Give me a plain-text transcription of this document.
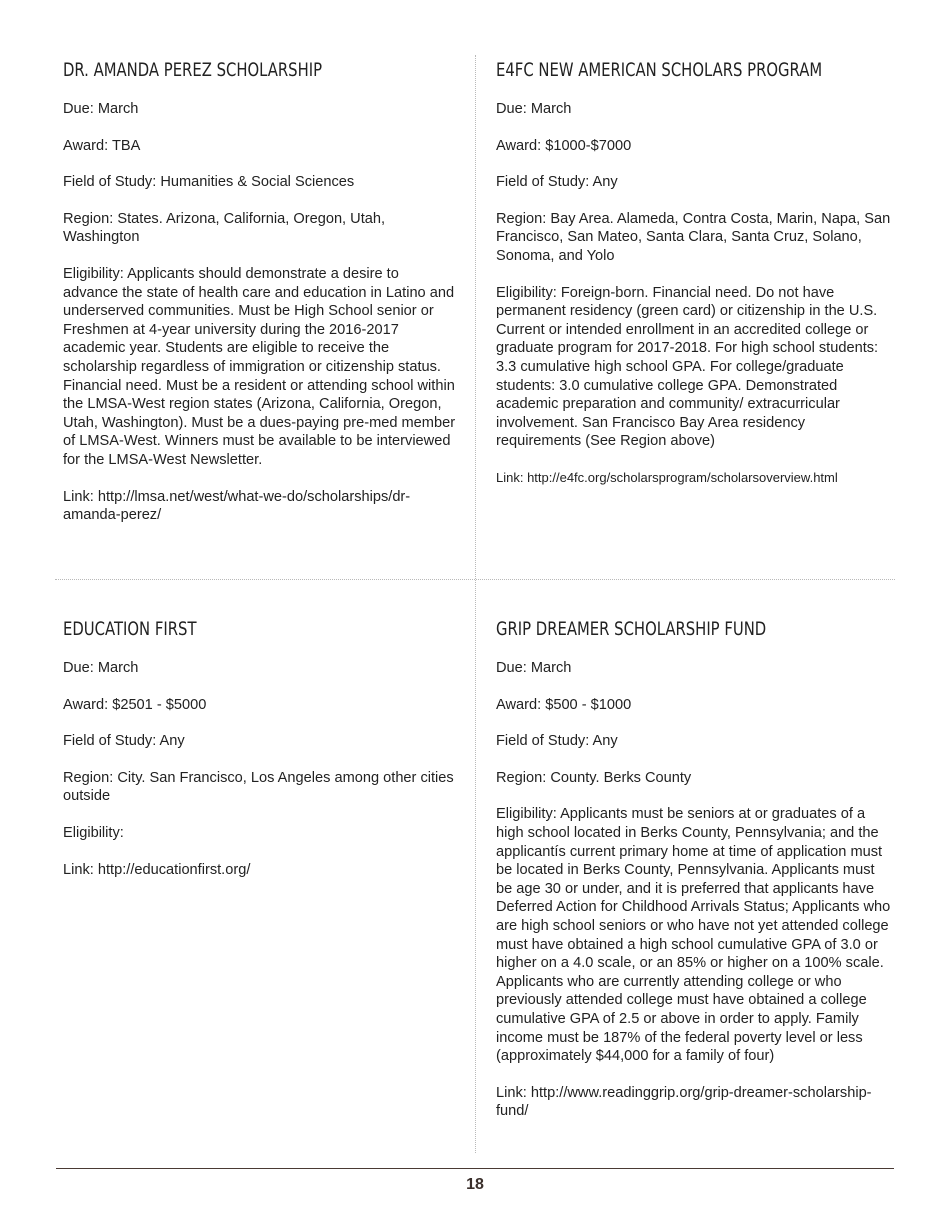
DR. AMANDA PEREZ SCHOLARSHIP

Due: March

Award: TBA

Field of Study: Humanities & Social Sciences

Region: States. Arizona, California, Oregon, Utah, Washington

Eligibility: Applicants should demonstrate a desire to advance the state of health care and education in Latino and underserved communities. Must be High School senior or Freshmen at 4-year university during the 2016-2017 academic year. Students are eligible to receive the scholarship regardless of immigration or citizenship status. Financial need. Must be a resident or attending school within the LMSA-West region states (Arizona, California, Oregon, Utah, Washington). Must be a dues-paying pre-med member of LMSA-West. Winners must be available to be interviewed for the LMSA-West Newsletter.

Link: http://lmsa.net/west/what-we-do/scholarships/dr-amanda-perez/

E4FC NEW AMERICAN SCHOLARS PROGRAM

Due: March

Award: $1000-$7000

Field of Study: Any

Region: Bay Area. Alameda, Contra Costa, Marin, Napa, San Francisco, San Mateo, Santa Clara, Santa Cruz, Solano, Sonoma, and Yolo

Eligibility: Foreign-born. Financial need. Do not have permanent residency (green card) or citizenship in the U.S. Current or intended enrollment in an accredited college or graduate program for 2017-2018. For high school students: 3.3 cumulative high school GPA. For college/graduate students: 3.0 cumulative college GPA. Demonstrated academic preparation and community/ extracurricular involvement. San Francisco Bay Area residency requirements (See Region above)

Link: http://e4fc.org/scholarsprogram/scholarsoverview.html

EDUCATION FIRST

Due: March

Award: $2501 - $5000

Field of Study: Any

Region: City. San Francisco, Los Angeles among other cities outside

Eligibility:

Link: http://educationfirst.org/

GRIP DREAMER SCHOLARSHIP FUND

Due: March

Award: $500 - $1000

Field of Study: Any

Region: County. Berks County

Eligibility: Applicants must be seniors at or graduates of a high school located in Berks County, Pennsylvania; and the applicantís current primary home at time of application must be located in Berks County, Pennsylvania. Applicants must be age 30 or under, and it is preferred that applicants have Deferred Action for Childhood Arrivals Status; Applicants who are high school seniors or who have not yet attended college must have obtained a high school cumulative GPA of 3.0 or higher on a 4.0 scale, or an 85% or higher on a 100% scale. Applicants who are currently attending college or who previously attended college must have obtained a college cumulative GPA of 2.5 or above in order to apply. Family income must be 187% of the federal poverty level or less (approximately $44,000 for a family of four)

Link: http://www.readinggrip.org/grip-dreamer-scholarship-fund/

18
